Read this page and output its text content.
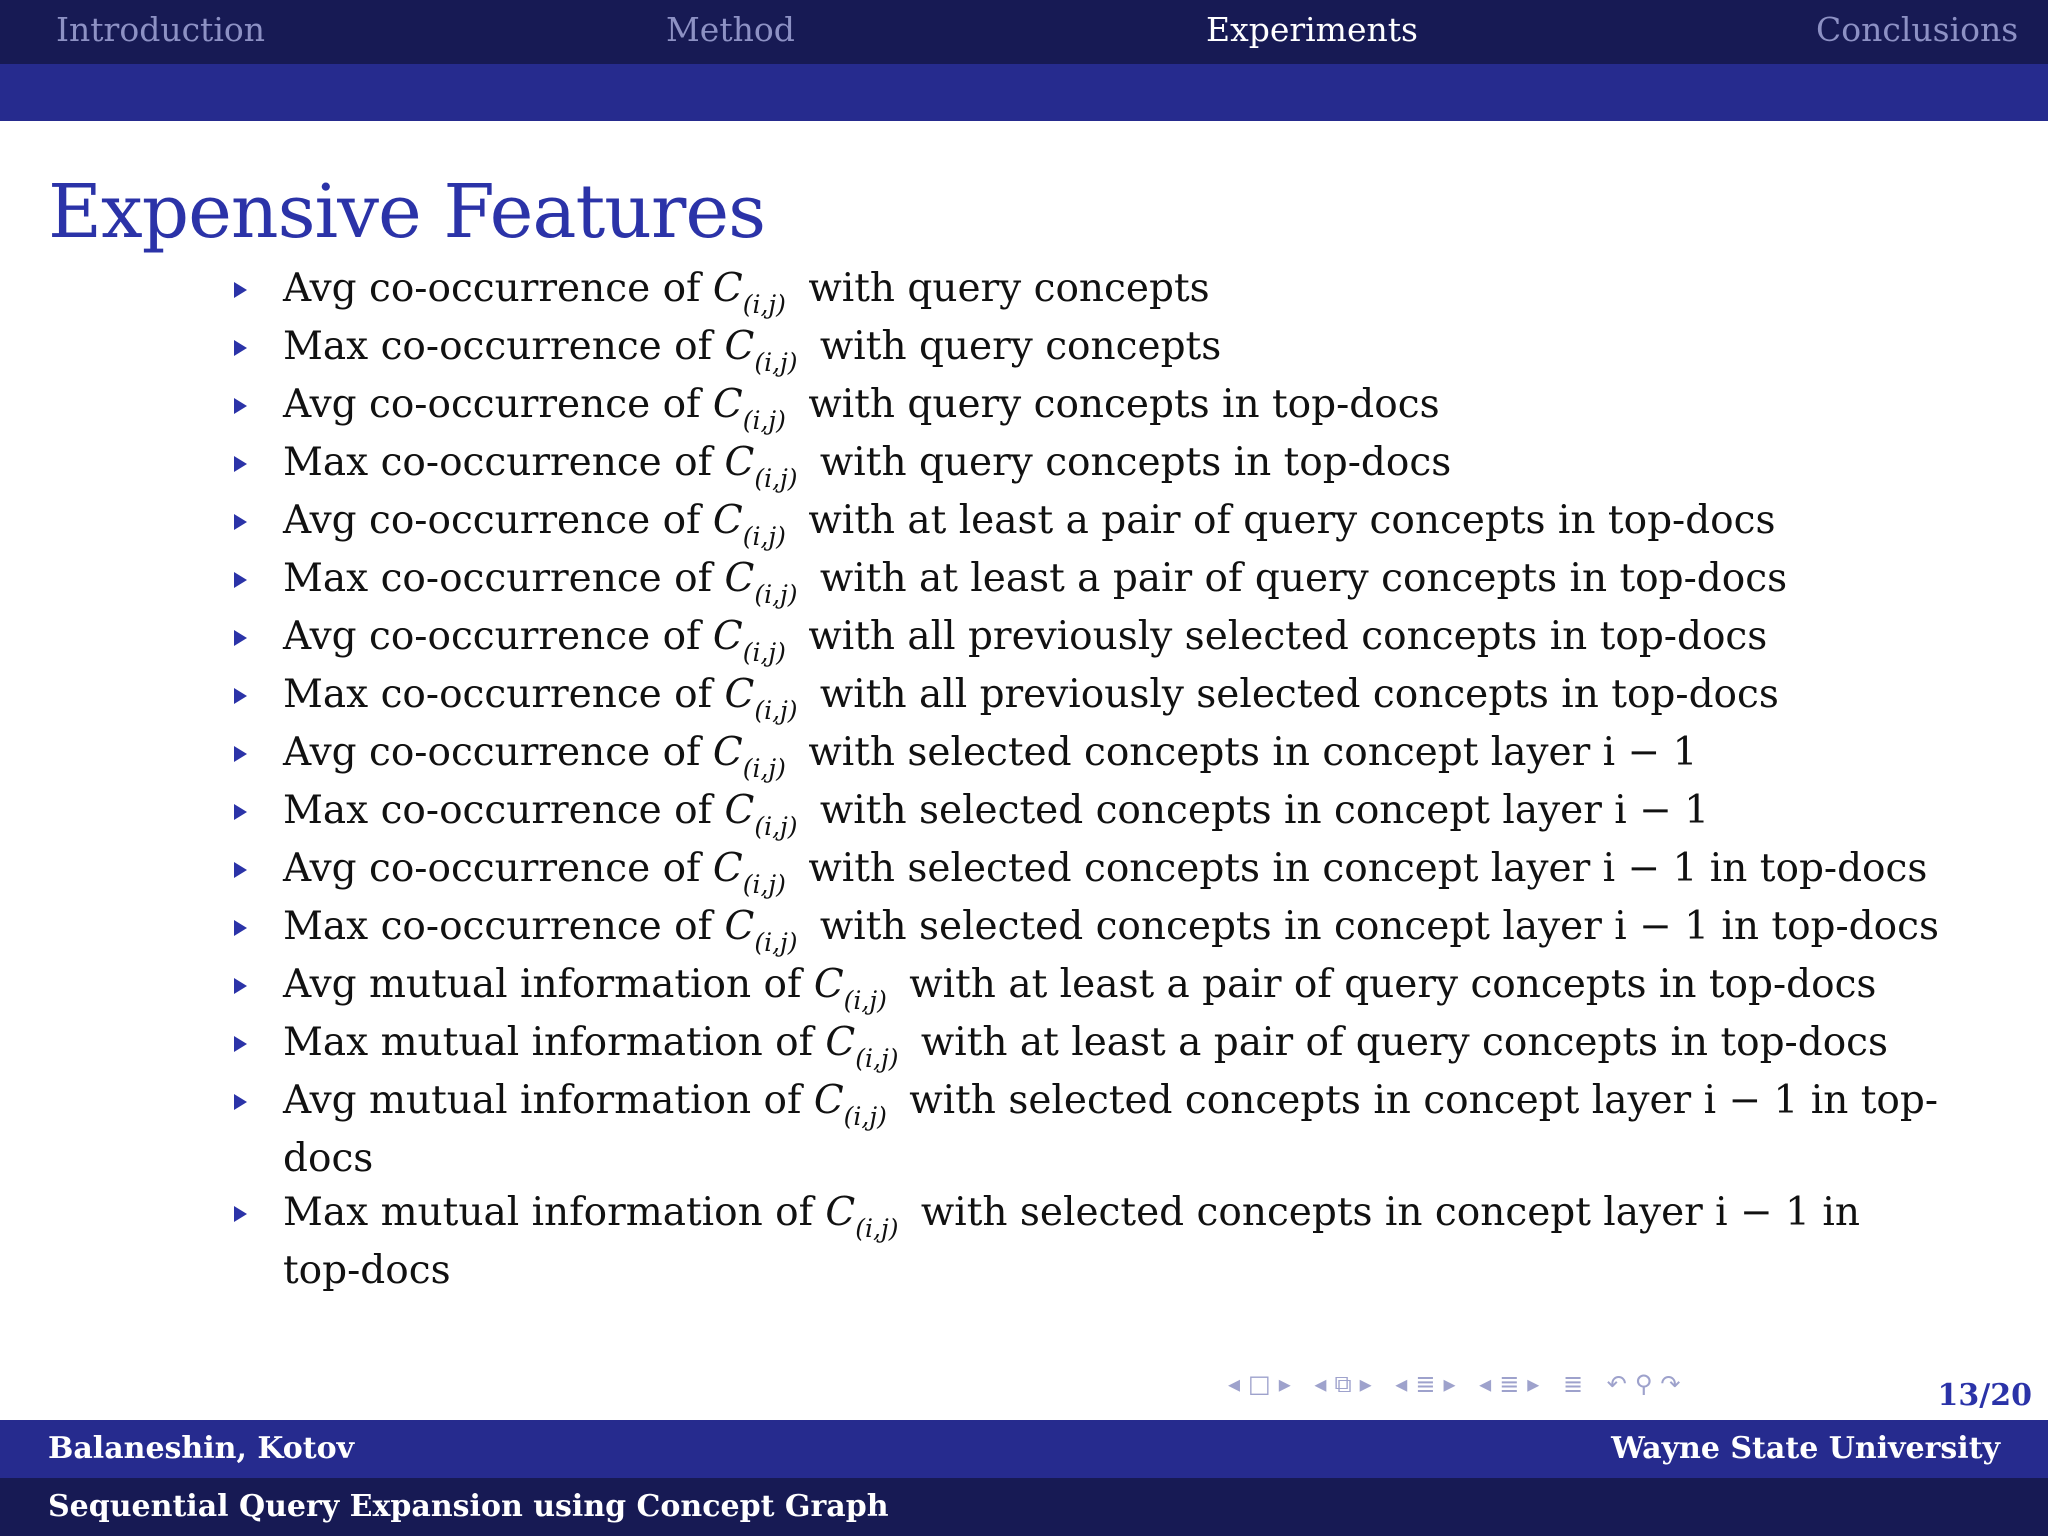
Introduction	Method	Experiments	Conclusions
Expensive Features
Avg co-occurrence of $C_{(i,j)}$ with query concepts
Max co-occurrence of $C_{(i,j)}$ with query concepts
Avg co-occurrence of $C_{(i,j)}$ with query concepts in top-docs
Max co-occurrence of $C_{(i,j)}$ with query concepts in top-docs
Avg co-occurrence of $C_{(i,j)}$ with at least a pair of query concepts in top-docs
Max co-occurrence of $C_{(i,j)}$ with at least a pair of query concepts in top-docs
Avg co-occurrence of $C_{(i,j)}$ with all previously selected concepts in top-docs
Max co-occurrence of $C_{(i,j)}$ with all previously selected concepts in top-docs
Avg co-occurrence of $C_{(i,j)}$ with selected concepts in concept layer i − 1
Max co-occurrence of $C_{(i,j)}$ with selected concepts in concept layer i − 1
Avg co-occurrence of $C_{(i,j)}$ with selected concepts in concept layer i − 1 in top-docs
Max co-occurrence of $C_{(i,j)}$ with selected concepts in concept layer i − 1 in top-docs
Avg mutual information of $C_{(i,j)}$ with at least a pair of query concepts in top-docs
Max mutual information of $C_{(i,j)}$ with at least a pair of query concepts in top-docs
Avg mutual information of $C_{(i,j)}$ with selected concepts in concept layer i − 1 in top-docs
Max mutual information of $C_{(i,j)}$ with selected concepts in concept layer i − 1 in top-docs
◂□▸ ◂⧉▸ ◂≣▸ ◂≣▸ ≣ ↶⚲↷	13/20
Balaneshin, Kotov	Wayne State University
Sequential Query Expansion using Concept Graph
